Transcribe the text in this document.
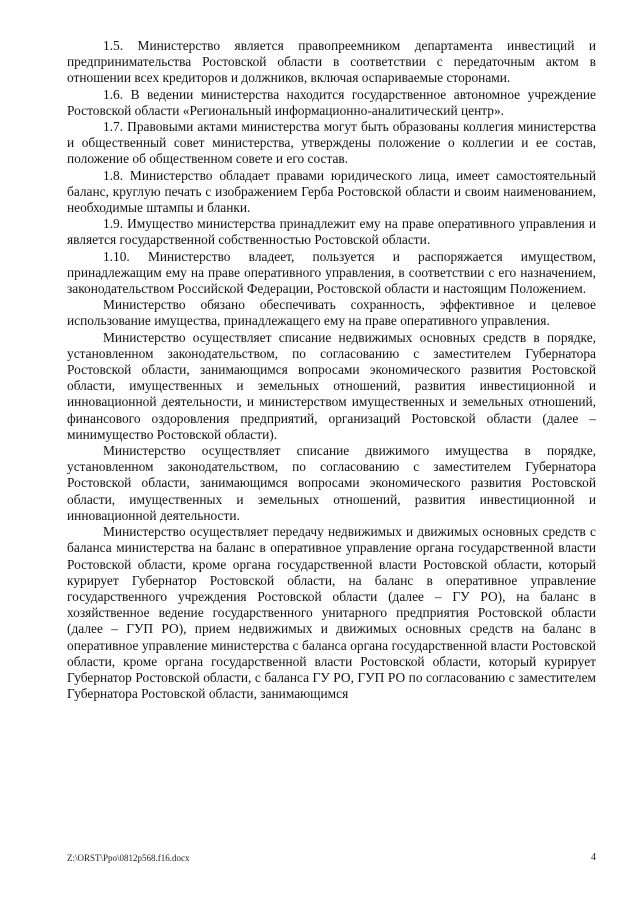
1.5. Министерство является правопреемником департамента инвестиций и предпринимательства Ростовской области в соответствии с передаточным актом в отношении всех кредиторов и должников, включая оспариваемые сторонами.

1.6. В ведении министерства находится государственное автономное учреждение Ростовской области «Региональный информационно-аналитический центр».

1.7. Правовыми актами министерства могут быть образованы коллегия министерства и общественный совет министерства, утверждены положение о коллегии и ее состав, положение об общественном совете и его состав.

1.8. Министерство обладает правами юридического лица, имеет самостоятельный баланс, круглую печать с изображением Герба Ростовской области и своим наименованием, необходимые штампы и бланки.

1.9. Имущество министерства принадлежит ему на праве оперативного управления и является государственной собственностью Ростовской области.

1.10. Министерство владеет, пользуется и распоряжается имуществом, принадлежащим ему на праве оперативного управления, в соответствии с его назначением, законодательством Российской Федерации, Ростовской области и настоящим Положением.

Министерство обязано обеспечивать сохранность, эффективное и целевое использование имущества, принадлежащего ему на праве оперативного управления.

Министерство осуществляет списание недвижимых основных средств в порядке, установленном законодательством, по согласованию с заместителем Губернатора Ростовской области, занимающимся вопросами экономического развития Ростовской области, имущественных и земельных отношений, развития инвестиционной и инновационной деятельности, и министерством имущественных и земельных отношений, финансового оздоровления предприятий, организаций Ростовской области (далее – минимущество Ростовской области).

Министерство осуществляет списание движимого имущества в порядке, установленном законодательством, по согласованию с заместителем Губернатора Ростовской области, занимающимся вопросами экономического развития Ростовской области, имущественных и земельных отношений, развития инвестиционной и инновационной деятельности.

Министерство осуществляет передачу недвижимых и движимых основных средств с баланса министерства на баланс в оперативное управление органа государственной власти Ростовской области, кроме органа государственной власти Ростовской области, который курирует Губернатор Ростовской области, на баланс в оперативное управление государственного учреждения Ростовской области (далее – ГУ РО), на баланс в хозяйственное ведение государственного унитарного предприятия Ростовской области (далее – ГУП РО), прием недвижимых и движимых основных средств на баланс в оперативное управление министерства с баланса органа государственной власти Ростовской области, кроме органа государственной власти Ростовской области, который курирует Губернатор Ростовской области, с баланса ГУ РО, ГУП РО по согласованию с заместителем Губернатора Ростовской области, занимающимся

Z:\ORST\Ppo\0812p568.f16.docx	4
